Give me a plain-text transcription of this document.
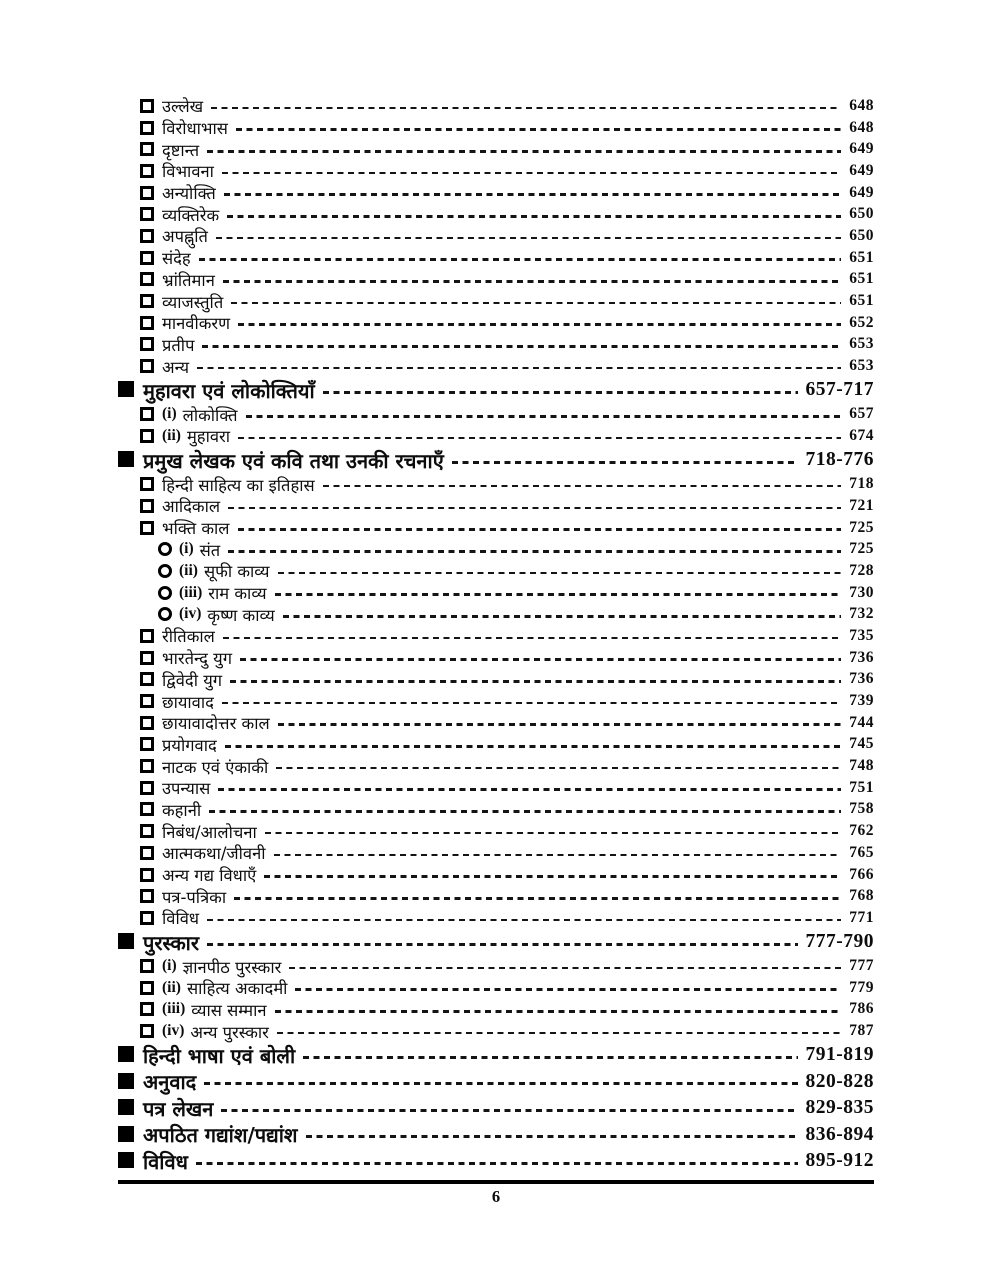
उल्लेख	648
विरोधाभास	648
दृष्टान्त	649
विभावना	649
अन्योक्ति	649
व्यक्तिरेक	650
अपह्नुति	650
संदेह	651
भ्रांतिमान	651
व्याजस्तुति	651
मानवीकरण	652
प्रतीप	653
अन्य	653
मुहावरा एवं लोकोक्तियाँ	657-717
(i) लोकोक्ति	657
(ii) मुहावरा	674
प्रमुख लेखक एवं कवि तथा उनकी रचनाएँ	718-776
हिन्दी साहित्य का इतिहास	718
आदिकाल	721
भक्ति काल	725
(i) संत	725
(ii) सूफी काव्य	728
(iii) राम काव्य	730
(iv) कृष्ण काव्य	732
रीतिकाल	735
भारतेन्दु युग	736
द्विवेदी युग	736
छायावाद	739
छायावादोत्तर काल	744
प्रयोगवाद	745
नाटक एवं एंकाकी	748
उपन्यास	751
कहानी	758
निबंध/आलोचना	762
आत्मकथा/जीवनी	765
अन्य गद्य विधाएँ	766
पत्र-पत्रिका	768
विविध	771
पुरस्कार	777-790
(i) ज्ञानपीठ पुरस्कार	777
(ii) साहित्य अकादमी	779
(iii) व्यास सम्मान	786
(iv) अन्य पुरस्कार	787
हिन्दी भाषा एवं बोली	791-819
अनुवाद	820-828
पत्र लेखन	829-835
अपठित गद्यांश/पद्यांश	836-894
विविध	895-912
6
